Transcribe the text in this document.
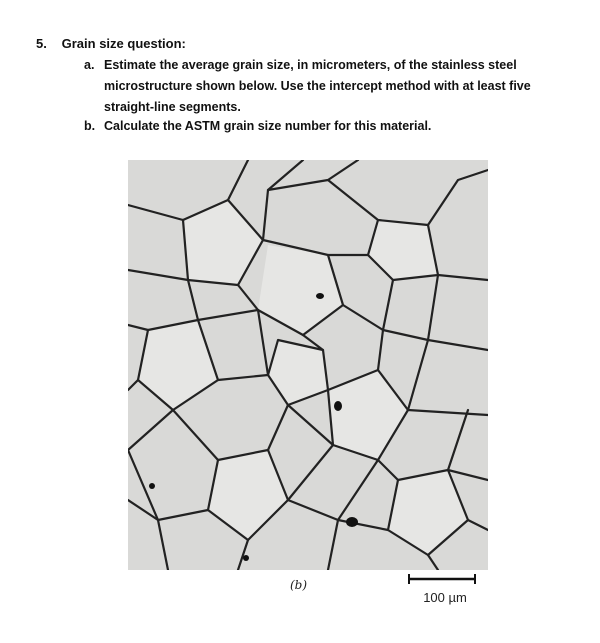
5. Grain size question:
a. Estimate the average grain size, in micrometers, of the stainless steel microstructure shown below. Use the intercept method with at least five straight-line segments.
b. Calculate the ASTM grain size number for this material.
(b)
100 µm
